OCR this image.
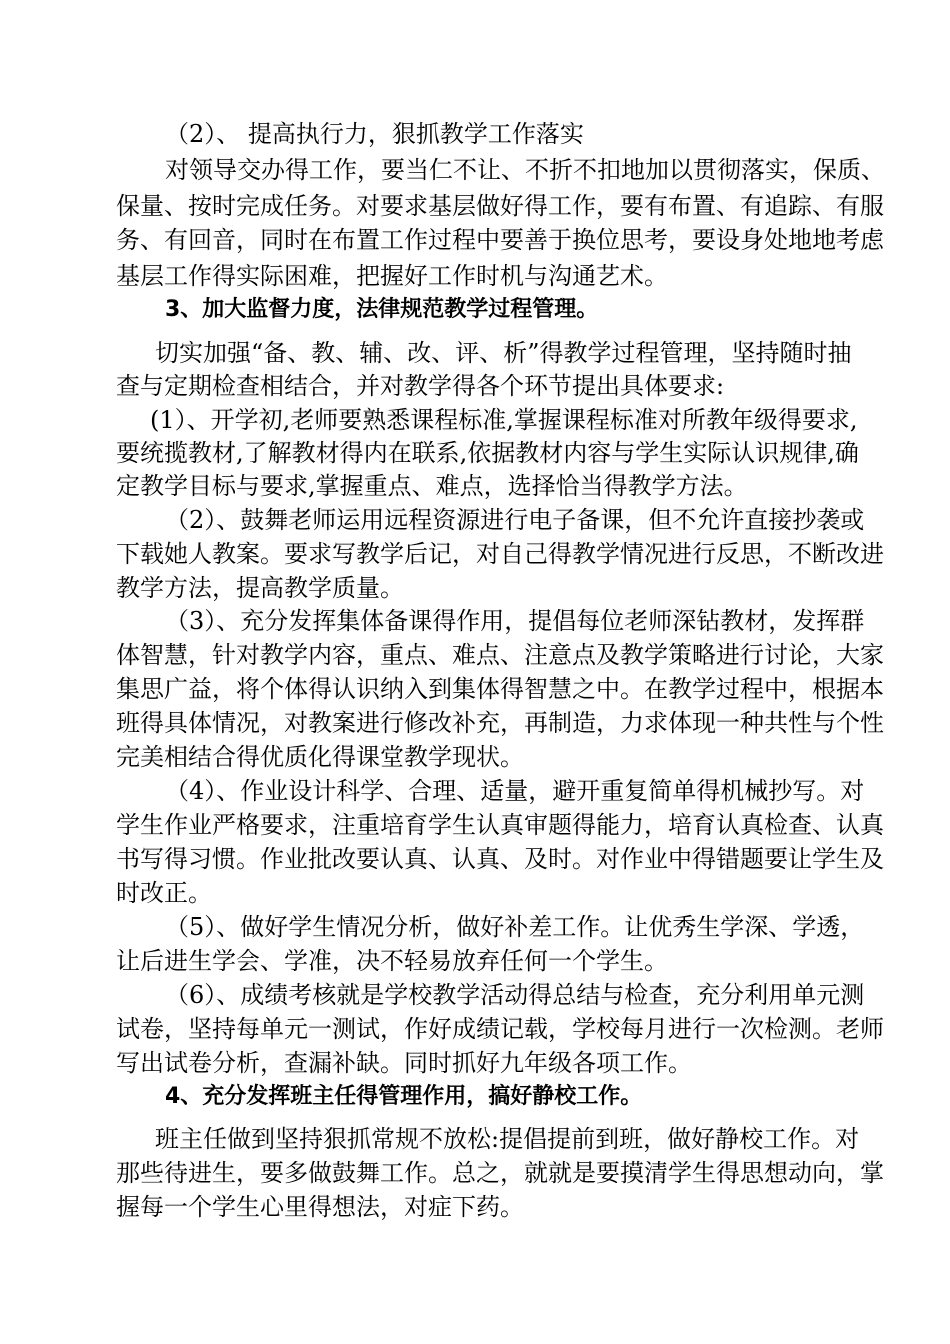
（2）、 提高执行力，狠抓教学工作落实
对领导交办得工作，要当仁不让、不折不扣地加以贯彻落实，保质、
保量、按时完成任务。对要求基层做好得工作，要有布置、有追踪、有服
务、有回音，同时在布置工作过程中要善于换位思考，要设身处地地考虑
基层工作得实际困难，把握好工作时机与沟通艺术。
3、加大监督力度，法律规范教学过程管理。
切实加强“备、教、辅、改、评、析”得教学过程管理，坚持随时抽
查与定期检查相结合，并对教学得各个环节提出具体要求:
(1）、开学初,老师要熟悉课程标准,掌握课程标准对所教年级得要求,
要统揽教材,了解教材得内在联系,依据教材内容与学生实际认识规律,确
定教学目标与要求,掌握重点、难点，选择恰当得教学方法。
（2）、鼓舞老师运用远程资源进行电子备课，但不允许直接抄袭或
下载她人教案。要求写教学后记，对自己得教学情况进行反思，不断改进
教学方法，提高教学质量。
（3）、充分发挥集体备课得作用，提倡每位老师深钻教材，发挥群
体智慧，针对教学内容，重点、难点、注意点及教学策略进行讨论，大家
集思广益，将个体得认识纳入到集体得智慧之中。在教学过程中，根据本
班得具体情况，对教案进行修改补充，再制造，力求体现一种共性与个性
完美相结合得优质化得课堂教学现状。
（4）、作业设计科学、合理、适量，避开重复简单得机械抄写。对
学生作业严格要求，注重培育学生认真审题得能力，培育认真检查、认真
书写得习惯。作业批改要认真、认真、及时。对作业中得错题要让学生及
时改正。
（5）、做好学生情况分析，做好补差工作。让优秀生学深、学透，
让后进生学会、学准，决不轻易放弃任何一个学生。
（6）、成绩考核就是学校教学活动得总结与检查，充分利用单元测
试卷，坚持每单元一测试，作好成绩记载，学校每月进行一次检测。老师
写出试卷分析，查漏补缺。同时抓好九年级各项工作。
4、充分发挥班主任得管理作用，搞好静校工作。
班主任做到坚持狠抓常规不放松:提倡提前到班，做好静校工作。对
那些待进生，要多做鼓舞工作。总之，就就是要摸清学生得思想动向，掌
握每一个学生心里得想法，对症下药。
